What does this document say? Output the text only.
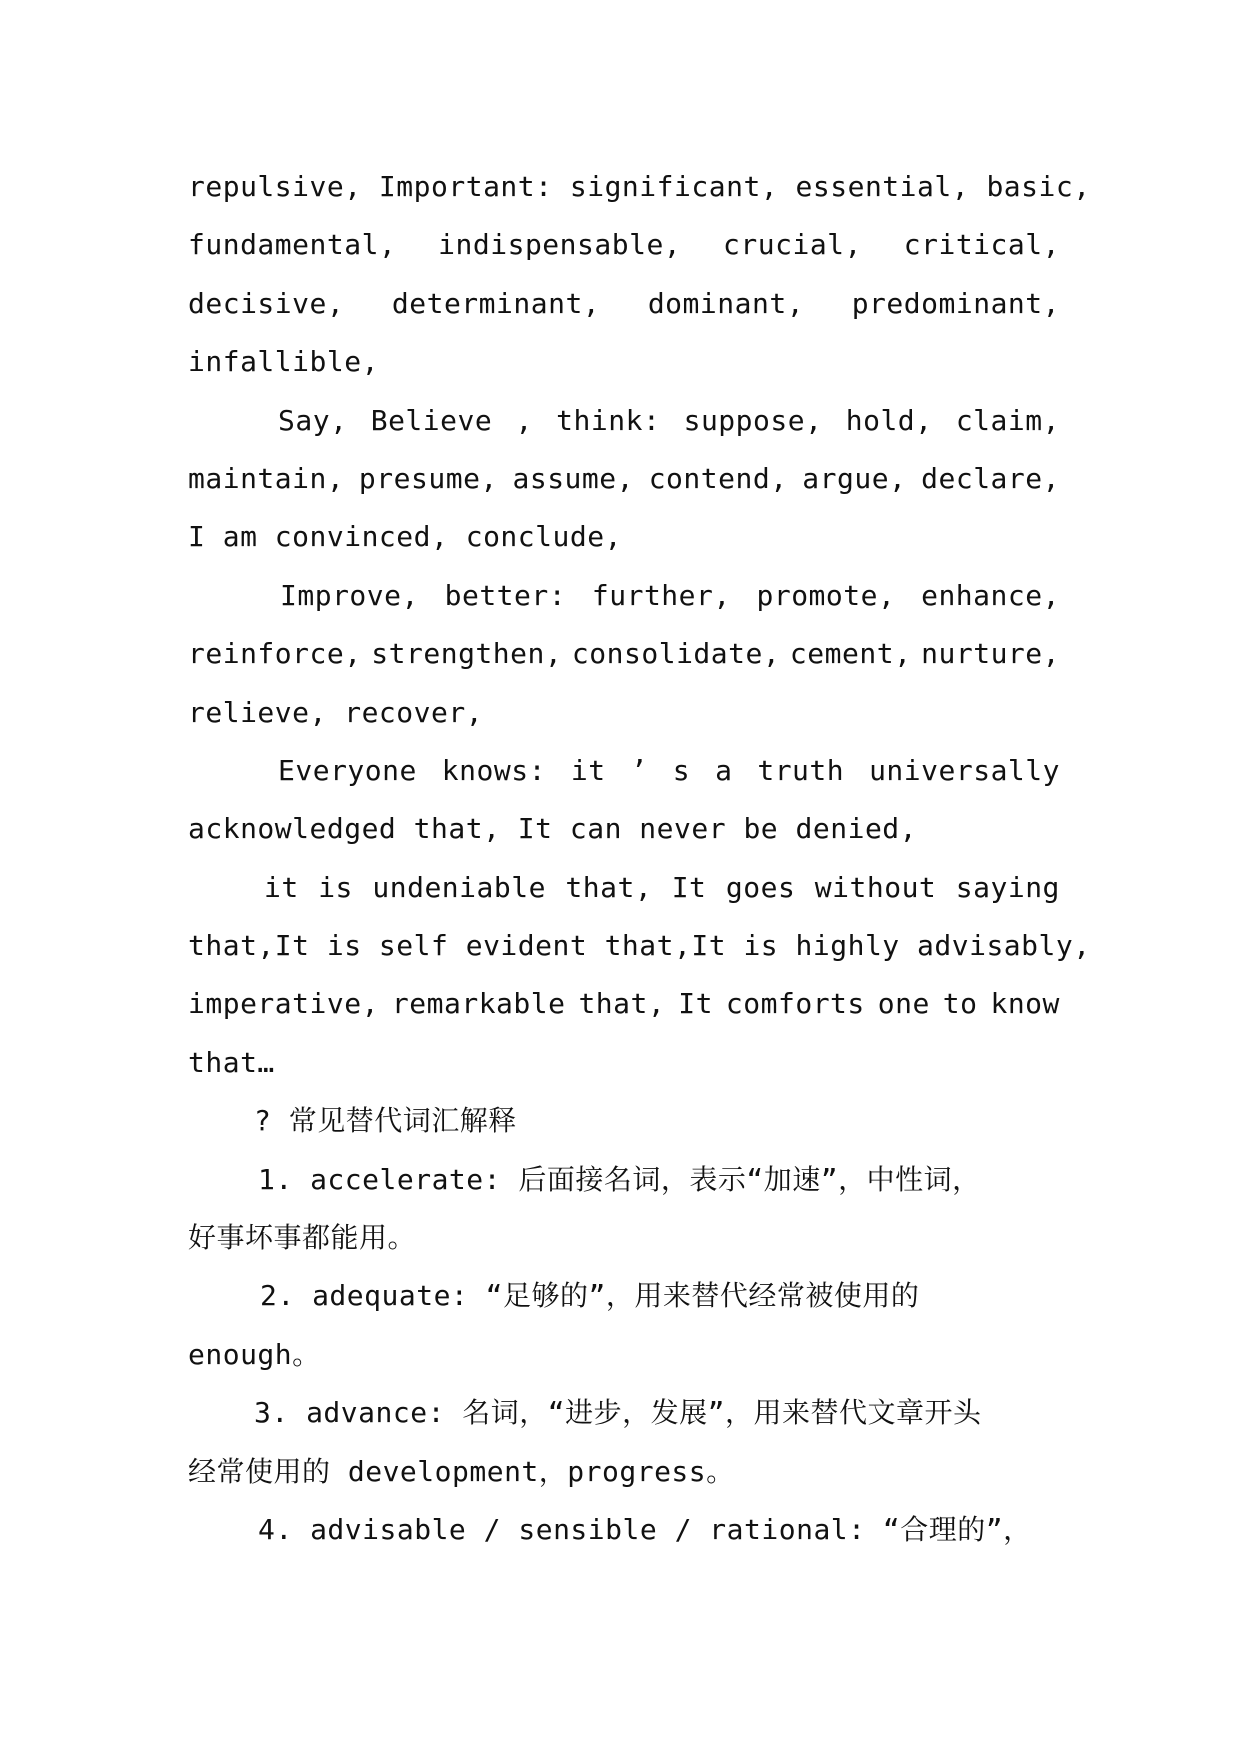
repulsive, Important: significant, essential, basic,
fundamental, indispensable, crucial, critical,
decisive, determinant, dominant, predominant,
infallible,
Say, Believe , think: suppose, hold, claim,
maintain, presume, assume, contend, argue, declare,
I am convinced, conclude,
Improve, better: further, promote, enhance,
reinforce, strengthen, consolidate, cement, nurture,
relieve, recover,
Everyone knows: it ’ s a truth universally
acknowledged that, It can never be denied,
it is undeniable that, It goes without saying
that,It is self evident that,It is highly advisably,
imperative, remarkable that, It comforts one to know
that…
? 常见替代词汇解释
1. accelerate: 后面接名词，表示“加速”，中性词，
好事坏事都能用。
2. adequate: “足够的”，用来替代经常被使用的
enough。
3. advance: 名词，“进步，发展”，用来替代文章开头
经常使用的 development，progress。
4. advisable / sensible / rational: “合理的”，
